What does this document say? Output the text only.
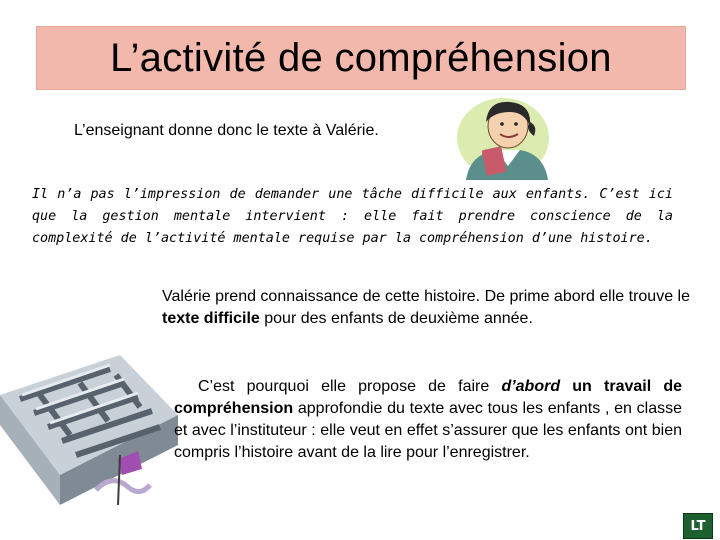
L’activité de compréhension
L’enseignant donne donc le texte à Valérie.
Il n’a pas l’impression de demander une tâche difficile aux enfants. C’est ici que la gestion mentale intervient : elle fait prendre conscience de la complexité de l’activité mentale requise par la compréhension d’une histoire.
Valérie prend connaissance de cette histoire. De prime abord elle trouve le texte difficile pour des enfants de deuxième année.
C’est pourquoi elle propose de faire d’abord un travail de compréhension approfondie du texte avec tous les enfants , en classe et avec l’instituteur : elle veut en effet s’assurer que les enfants ont bien compris l’histoire avant de la lire pour l’enregistrer.
LT
